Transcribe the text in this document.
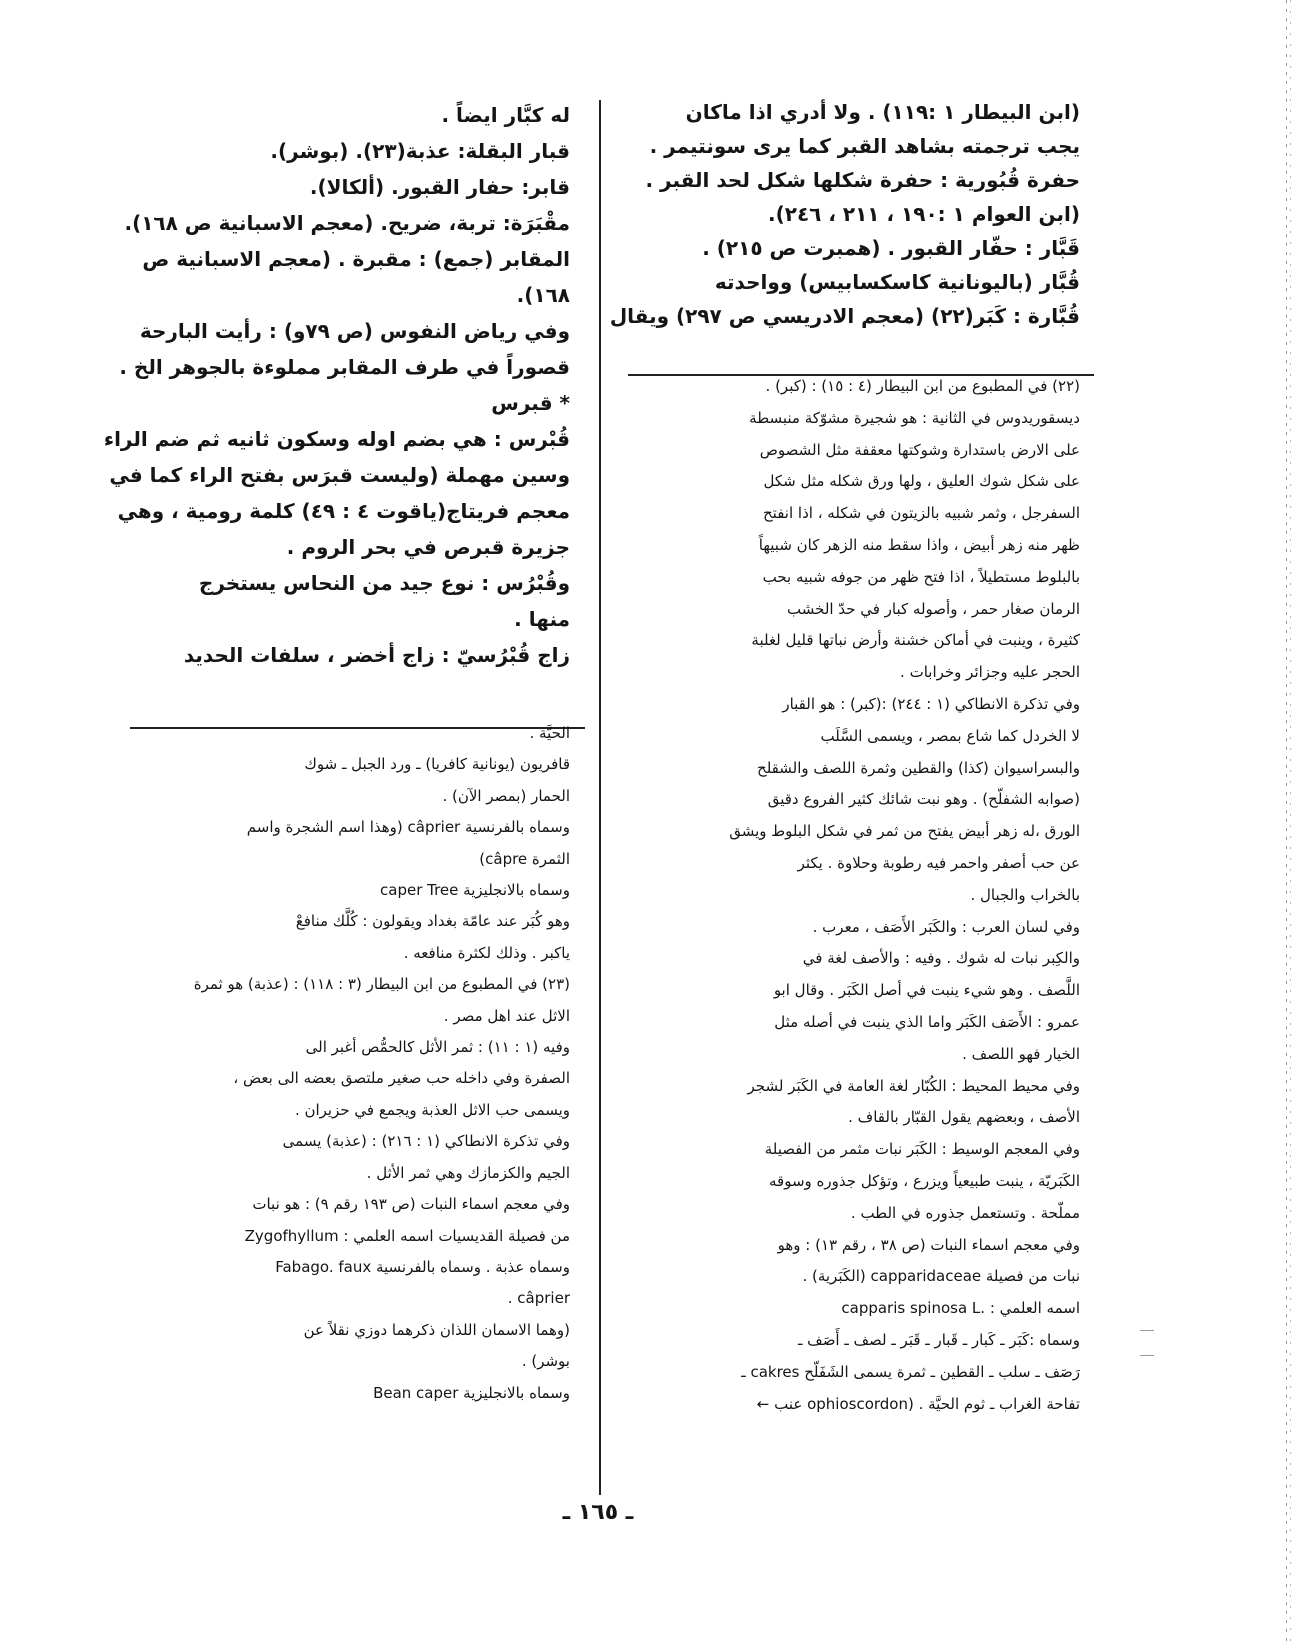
(ابن البيطار ١ :١١٩) . ولا أدري اذا ماكان
يجب ترجمته بشاهد القبر كما يرى سونتيمر .
حفرة قُبُورية : حفرة شكلها شكل لحد القبر .
(ابن العوام ١ :١٩٠ ، ٢١١ ، ٢٤٦).
قَبَّار : حفّار القبور . (همبرت ص ٢١٥) .
قُبَّار (باليونانية كاسكسابيس) وواحدته
قُبَّارة : كَبَر(٢٢) (معجم الادريسي ص ٢٩٧) ويقال
(٢٢) في المطبوع من ابن البيطار (٤ : ١٥) : (كبر) .
ديسقوريدوس في الثانية : هو شجيرة مشوّكة منبسطة
على الارض باستدارة وشوكتها معقفة مثل الشصوص
على شكل شوك العليق ، ولها ورق شكله مثل شكل
السفرجل ، وثمر شبيه بالزيتون في شكله ، اذا انفتح
ظهر منه زهر أبيض ، واذا سقط منه الزهر كان شبيهاً
بالبلوط مستطيلاً ، اذا فتح ظهر من جوفه شبيه بحب
الرمان صغار حمر ، وأصوله كبار في حدّ الخشب
كثيرة ، وينبت في أماكن خشنة وأرض نباتها قليل لغلبة
الحجر عليه وجزائر وخرابات .
وفي تذكرة الانطاكي (١ : ٢٤٤) :(كبر) : هو القبار
لا الخردل كما شاع بمصر ، ويسمى السَّلَب
والبسراسيوان (كذا) والقطين وثمرة اللصف والشقلح
(صوابه الشفلّح) . وهو نبت شائك كثير الفروع دقيق
الورق ،له زهر أبيض يفتح من ثمر في شكل البلوط ويشق
عن حب أصفر واحمر فيه رطوبة وحلاوة . يكثر
بالخراب والجبال .
وفي لسان العرب : والكَبَر الأَصَف ، معرب .
والكِبر نبات له شوك . وفيه : والأصف لغة في
اللَّصف . وهو شيء ينبت في أصل الكَبَر . وقال ابو
عمرو : الأَصَف الكَبَر واما الذي ينبت في أصله مثل
الخيار فهو اللصف .
وفي محيط المحيط : الكُبّار لغة العامة في الكَبَر لشجر
الأصف ، وبعضهم يقول القبّار بالقاف .
وفي المعجم الوسيط : الكَبَر نبات مثمر من الفصيلة
الكَبَريّة ، ينبت طبيعياً ويزرع ، وتؤكل جذوره وسوقه
مملّحة . وتستعمل جذوره في الطب .
وفي معجم اسماء النبات (ص ٣٨ ، رقم ١٣) : وهو
نبات من فصيلة capparidaceae (الكَبَرية) .
اسمه العلمي : .capparis spinosa L
وسماه :كَبَر ـ كَبار ـ قَبار ـ قَبَر ـ لصف ـ أَصَف ـ
رَصَف ـ سلب ـ القطين ـ ثمرة يسمى الشَفَلّح cakres ـ
تفاحة الغراب ـ ثوم الحيَّة . (ophioscordon عنب ←
له كبَّار ايضاً .
قبار البقلة: عذبة(٢٣). (بوشر).
قابر: حفار القبور. (ألكالا).
مقْبَرَة: تربة، ضريح. (معجم الاسبانية ص ١٦٨).
المقابر (جمع) : مقبرة . (معجم الاسبانية ص
١٦٨).
وفي رياض النفوس (ص ٧٩و) : رأيت البارحة
قصوراً في طرف المقابر مملوءة بالجوهر الخ .
* قبرس
قُبْرس : هي بضم اوله وسكون ثانيه ثم ضم الراء
وسين مهملة (وليست قبرَس بفتح الراء كما في
معجم فريتاج(ياقوت ٤ : ٤٩) كلمة رومية ، وهي
جزيرة قبرص في بحر الروم .
وقُبْرُس : نوع جيد من النحاس يستخرج
منها .
زاج قُبْرُسيّ : زاج أخضر ، سلفات الحديد
الحيَّة .
قافريون (يونانية كافريا) ـ ورد الجبل ـ شوك
الحمار (بمصر الآن) .
وسماه بالفرنسية câprier (وهذا اسم الشجرة واسم
الثمرة câpre)
وسماه بالانجليزية caper Tree
وهو كُبَر عند عامّة بغداد ويقولون : كُلَّك منافعْ
ياكبر . وذلك لكثرة منافعه .
(٢٣) في المطبوع من ابن البيطار (٣ : ١١٨) : (عذبة) هو ثمرة
الاثل عند اهل مصر .
وفيه (١ : ١١) : ثمر الأثل كالحمُّص أغبر الى
الصفرة وفي داخله حب صغير ملتصق بعضه الى بعض ،
ويسمى حب الاثل العذبة ويجمع في حزيران .
وفي تذكرة الانطاكي (١ : ٢١٦) : (عذبة) يسمى
الجيم والكزمازك وهي ثمر الأثل .
وفي معجم اسماء النبات (ص ١٩٣ رقم ٩) : هو نبات
من فصيلة القديسيات اسمه العلمي : Zygofhyllum
وسماه عذبة . وسماه بالفرنسية Fabago. faux
câprier .
(وهما الاسمان اللذان ذكرهما دوزي نقلاً عن
بوشر) .
وسماه بالانجليزية Bean caper
ـ ١٦٥ ـ
